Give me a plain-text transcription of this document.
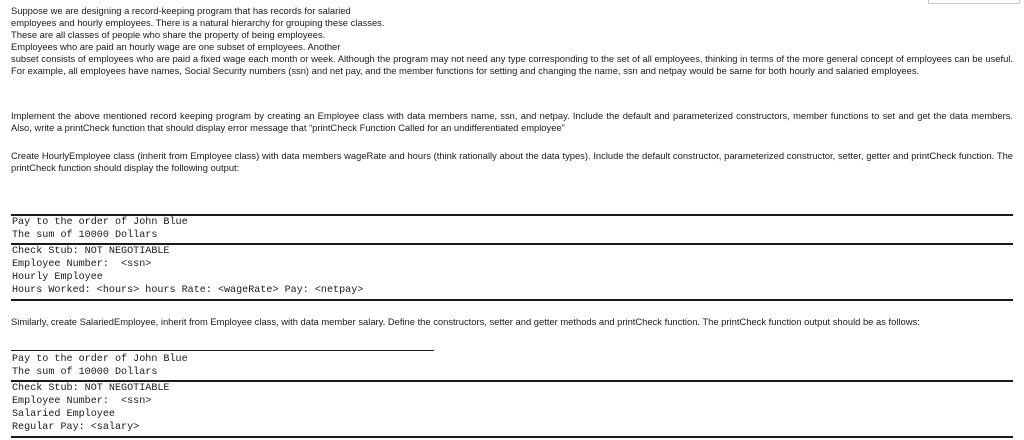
Suppose we are designing a record-keeping program that has records for salaried
employees and hourly employees. There is a natural hierarchy for grouping these classes.
These are all classes of people who share the property of being employees.
Employees who are paid an hourly wage are one subset of employees. Another
subset consists of employees who are paid a fixed wage each month or week. Although the program may not need any type corresponding to the set of all employees, thinking in terms of the more general concept of employees can be useful. For example, all employees have names, Social Security numbers (ssn) and net pay, and the member functions for setting and changing the name, ssn and netpay would be same for both hourly and salaried employees.
Implement the above mentioned record keeping program by creating an Employee class with data members name, ssn, and netpay. Include the default and parameterized constructors, member functions to set and get the data members. Also, write a printCheck function that should display error message that “printCheck Function Called for an undifferentiated employee”
Create HourlyEmployee class (inherit from Employee class) with data members wageRate and hours (think rationally about the data types). Include the default constructor, parameterized constructor, setter, getter and printCheck function. The printCheck function should display the following output:
Pay to the order of John Blue
The sum of 10000 Dollars
Check Stub: NOT NEGOTIABLE
Employee Number:  <ssn>
Hourly Employee
Hours Worked: <hours> hours Rate: <wageRate> Pay: <netpay>
Similarly, create SalariedEmployee, inherit from Employee class, with data member salary. Define the constructors, setter and getter methods and printCheck function. The printCheck function output should be as follows:
Pay to the order of John Blue
The sum of 10000 Dollars
Check Stub: NOT NEGOTIABLE
Employee Number:  <ssn>
Salaried Employee
Regular Pay: <salary>
